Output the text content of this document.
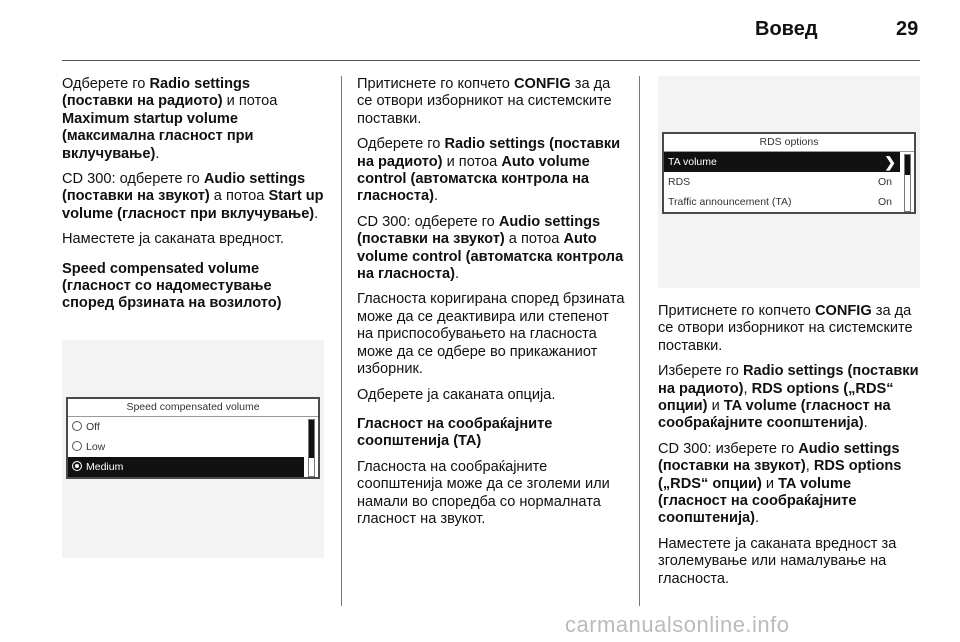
Вовед	29

Одберете го Radio settings (поставки на радиото) и потоа Maximum startup volume (максимална гласност при вклучување).

CD 300: одберете го Audio settings (поставки на звукот) а потоа Start up volume (гласност при вклучување).

Наместете ја саканата вредност.

Speed compensated volume (гласност со надоместување според брзината на возилото)
Speed compensated volume
Off
Low
Medium

Притиснете го копчето CONFIG за да се отвори изборникот на системските поставки.

Одберете го Radio settings (поставки на радиото) и потоа Auto volume control (автоматска контрола на гласноста).

CD 300: одберете го Audio settings (поставки на звукот) а потоа Auto volume control (автоматска контрола на гласноста).

Гласноста коригирана според брзината може да се деактивира или степенот на приспособувањето на гласноста може да се одбере во прикажаниот изборник.

Одберете ја саканата опција.

Гласност на сообраќајните соопштенија (TA)

Гласноста на сообраќајните соопштенија може да се зголеми или намали во споредба со нормалната гласност на звукот.

RDS options
TA volume	❯
RDS	On
Traffic announcement (TA)	On

Притиснете го копчето CONFIG за да се отвори изборникот на системските поставки.

Изберете го Radio settings (поставки на радиото), RDS options („RDS“ опции) и TA volume (гласност на сообраќајните соопштенија).

CD 300: изберете го Audio settings (поставки на звукот), RDS options („RDS“ опции) и TA volume (гласност на сообраќајните соопштенија).

Наместете ја саканата вредност за зголемување или намалување на гласноста.

carmanualsonline.info
